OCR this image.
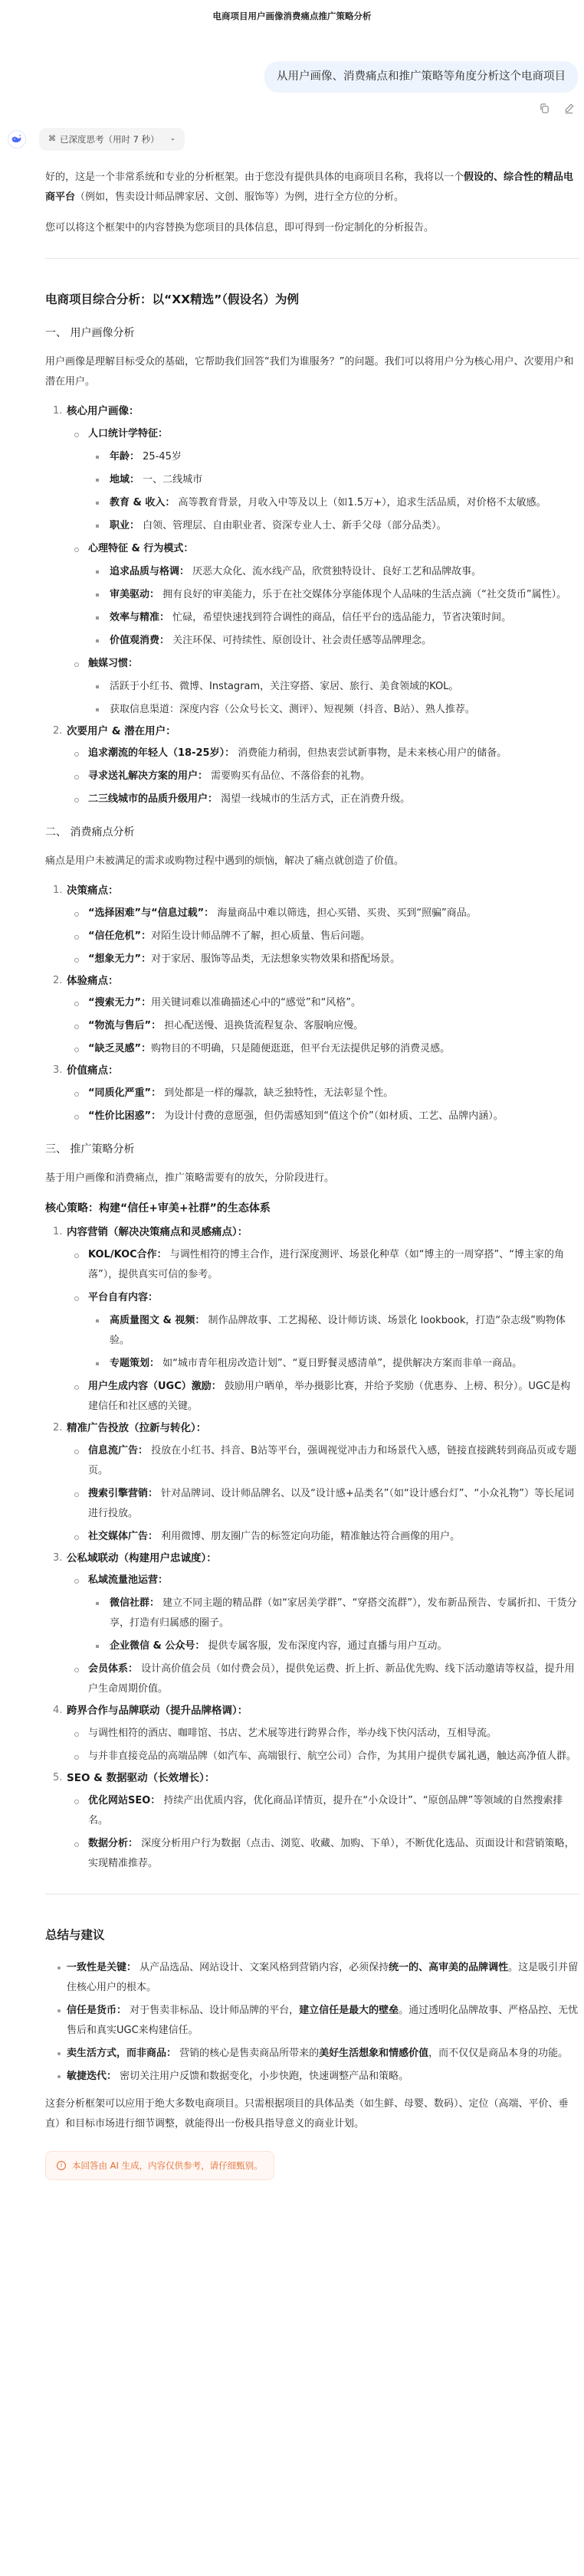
电商项目用户画像消费痛点推广策略分析
从用户画像、消费痛点和推广策略等角度分析这个电商项目
⌘ 已深度思考（用时 7 秒） ⌄

好的，这是一个非常系统和专业的分析框架。由于您没有提供具体的电商项目名称，我将以一个假设的、综合性的精品电商平台（例如，售卖设计师品牌家居、文创、服饰等）为例，进行全方位的分析。

您可以将这个框架中的内容替换为您项目的具体信息，即可得到一份定制化的分析报告。

电商项目综合分析：以“XX精选”（假设名）为例
一、 用户画像分析

用户画像是理解目标受众的基础，它帮助我们回答“我们为谁服务？”的问题。我们可以将用户分为核心用户、次要用户和潜在用户。

1. 核心用户画像：
人口统计学特征：
年龄： 25-45岁
地域： 一、二线城市
教育 & 收入： 高等教育背景，月收入中等及以上（如1.5万+），追求生活品质，对价格不太敏感。
职业： 白领、管理层、自由职业者、资深专业人士、新手父母（部分品类）。
心理特征 & 行为模式：
追求品质与格调： 厌恶大众化、流水线产品，欣赏独特设计、良好工艺和品牌故事。
审美驱动： 拥有良好的审美能力，乐于在社交媒体分享能体现个人品味的生活点滴（“社交货币”属性）。
效率与精准： 忙碌，希望快速找到符合调性的商品，信任平台的选品能力，节省决策时间。
价值观消费： 关注环保、可持续性、原创设计、社会责任感等品牌理念。
触媒习惯：
活跃于小红书、微博、Instagram，关注穿搭、家居、旅行、美食领域的KOL。
获取信息渠道：深度内容（公众号长文、测评）、短视频（抖音、B站）、熟人推荐。
2. 次要用户 & 潜在用户：
追求潮流的年轻人（18-25岁）： 消费能力稍弱，但热衷尝试新事物，是未来核心用户的储备。
寻求送礼解决方案的用户： 需要购买有品位、不落俗套的礼物。
二三线城市的品质升级用户： 渴望一线城市的生活方式，正在消费升级。
二、 消费痛点分析

痛点是用户未被满足的需求或购物过程中遇到的烦恼，解决了痛点就创造了价值。

1. 决策痛点：
“选择困难”与“信息过载”： 海量商品中难以筛选，担心买错、买贵、买到“照骗”商品。
“信任危机”：对陌生设计师品牌不了解，担心质量、售后问题。
“想象无力”：对于家居、服饰等品类，无法想象实物效果和搭配场景。
2. 体验痛点：
“搜索无力”：用关键词难以准确描述心中的“感觉”和“风格”。
“物流与售后”： 担心配送慢、退换货流程复杂、客服响应慢。
“缺乏灵感”：购物目的不明确，只是随便逛逛，但平台无法提供足够的消费灵感。
3. 价值痛点：
“同质化严重”： 到处都是一样的爆款，缺乏独特性，无法彰显个性。
“性价比困惑”： 为设计付费的意愿强，但仍需感知到“值这个价”（如材质、工艺、品牌内涵）。
三、 推广策略分析

基于用户画像和消费痛点，推广策略需要有的放矢，分阶段进行。

核心策略：构建“信任+审美+社群”的生态体系
1. 内容营销（解决决策痛点和灵感痛点）：
KOL/KOC合作： 与调性相符的博主合作，进行深度测评、场景化种草（如“博主的一周穿搭”、“博主家的角落”），提供真实可信的参考。
平台自有内容：
高质量图文 & 视频： 制作品牌故事、工艺揭秘、设计师访谈、场景化 lookbook，打造“杂志级”购物体验。
专题策划： 如“城市青年租房改造计划”、“夏日野餐灵感清单”，提供解决方案而非单一商品。
用户生成内容（UGC）激励： 鼓励用户晒单，举办摄影比赛，并给予奖励（优惠券、上榜、积分）。UGC是构建信任和社区感的关键。
2. 精准广告投放（拉新与转化）：
信息流广告： 投放在小红书、抖音、B站等平台，强调视觉冲击力和场景代入感，链接直接跳转到商品页或专题页。
搜索引擎营销： 针对品牌词、设计师品牌名、以及“设计感+品类名”（如“设计感台灯”、“小众礼物”）等长尾词进行投放。
社交媒体广告： 利用微博、朋友圈广告的标签定向功能，精准触达符合画像的用户。
3. 公私域联动（构建用户忠诚度）：
私域流量池运营：
微信社群： 建立不同主题的精品群（如“家居美学群”、“穿搭交流群”），发布新品预告、专属折扣、干货分享，打造有归属感的圈子。
企业微信 & 公众号： 提供专属客服，发布深度内容，通过直播与用户互动。
会员体系： 设计高价值会员（如付费会员），提供免运费、折上折、新品优先购、线下活动邀请等权益，提升用户生命周期价值。
4. 跨界合作与品牌联动（提升品牌格调）：
与调性相符的酒店、咖啡馆、书店、艺术展等进行跨界合作，举办线下快闪活动，互相导流。
与并非直接竞品的高端品牌（如汽车、高端银行、航空公司）合作，为其用户提供专属礼遇，触达高净值人群。
5. SEO & 数据驱动（长效增长）：
优化网站SEO： 持续产出优质内容，优化商品详情页，提升在“小众设计”、“原创品牌”等领域的自然搜索排名。
数据分析： 深度分析用户行为数据（点击、浏览、收藏、加购、下单），不断优化选品、页面设计和营销策略，实现精准推荐。
总结与建议
一致性是关键： 从产品选品、网站设计、文案风格到营销内容，必须保持统一的、高审美的品牌调性。这是吸引并留住核心用户的根本。
信任是货币： 对于售卖非标品、设计师品牌的平台，建立信任是最大的壁垒。通过透明化品牌故事、严格品控、无忧售后和真实UGC来构建信任。
卖生活方式，而非商品： 营销的核心是售卖商品所带来的美好生活想象和情感价值，而不仅仅是商品本身的功能。
敏捷迭代： 密切关注用户反馈和数据变化，小步快跑，快速调整产品和策略。

这套分析框架可以应用于绝大多数电商项目。只需根据项目的具体品类（如生鲜、母婴、数码）、定位（高端、平价、垂直）和目标市场进行细节调整，就能得出一份极具指导意义的商业计划。

i	本回答由 AI 生成，内容仅供参考，请仔细甄别。
